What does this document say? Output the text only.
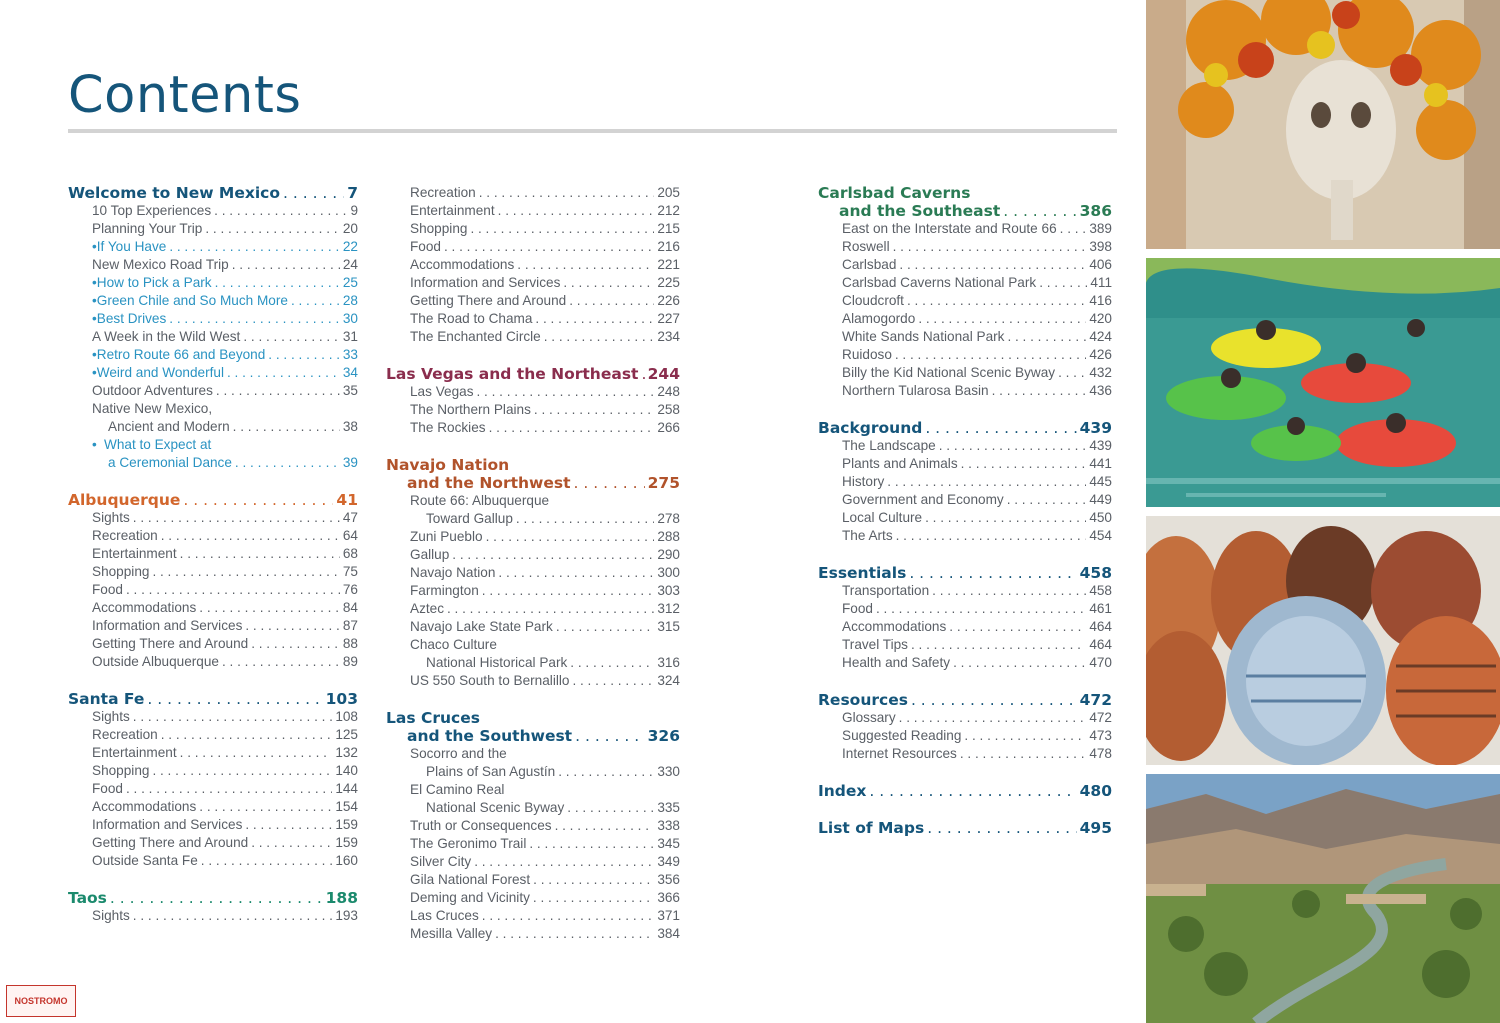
Contents
Welcome to New Mexico . . .	7
10 Top Experiences . . .	9
Planning Your Trip . . .	20
• If You Have . . .	22
New Mexico Road Trip . . .	24
• How to Pick a Park . . .	25
• Green Chile and So Much More . . .	28
• Best Drives . . .	30
A Week in the Wild West . . .	31
• Retro Route 66 and Beyond . . .	33
• Weird and Wonderful . . .	34
Outdoor Adventures . . .	35
Native New Mexico,
Ancient and Modern . . .	38
• What to Expect at
a Ceremonial Dance . . .	39
Albuquerque . . .	41
Sights . . .	47
Recreation . . .	64
Entertainment . . .	68
Shopping . . .	75
Food . . .	76
Accommodations . . .	84
Information and Services . . .	87
Getting There and Around . . .	88
Outside Albuquerque . . .	89
Santa Fe . . .	103
Sights . . .	108
Recreation . . .	125
Entertainment . . .	132
Shopping . . .	140
Food . . .	144
Accommodations . . .	154
Information and Services . . .	159
Getting There and Around . . .	159
Outside Santa Fe . . .	160
Taos . . .	188
Sights . . .	193
Recreation . . .	205
Entertainment . . .	212
Shopping . . .	215
Food . . .	216
Accommodations . . .	221
Information and Services . . .	225
Getting There and Around . . .	226
The Road to Chama . . .	227
The Enchanted Circle . . .	234
Las Vegas and the Northeast . . . 244
Las Vegas . . .	248
The Northern Plains . . .	258
The Rockies . . .	266
Navajo Nation
and the Northwest . . .	275
Route 66: Albuquerque
Toward Gallup . . .	278
Zuni Pueblo . . .	288
Gallup . . .	290
Navajo Nation . . .	300
Farmington . . .	303
Aztec . . .	312
Navajo Lake State Park . . .	315
Chaco Culture
National Historical Park . . .	316
US 550 South to Bernalillo . . .	324
Las Cruces
and the Southwest . . .	326
Socorro and the
Plains of San Agustín . . .	330
El Camino Real
National Scenic Byway . . .	335
Truth or Consequences . . .	338
The Geronimo Trail . . .	345
Silver City . . .	349
Gila National Forest . . .	356
Deming and Vicinity . . .	366
Las Cruces . . .	371
Mesilla Valley . . .	384
Carlsbad Caverns
and the Southeast . . .	386
East on the Interstate and Route 66 . . . 389
Roswell . . .	398
Carlsbad . . .	406
Carlsbad Caverns National Park . . .	411
Cloudcroft . . .	416
Alamogordo . . .	420
White Sands National Park . . .	424
Ruidoso . . .	426
Billy the Kid National Scenic Byway . . .	432
Northern Tularosa Basin . . .	436
Background . . .	439
The Landscape . . .	439
Plants and Animals . . .	441
History . . .	445
Government and Economy . . .	449
Local Culture . . .	450
The Arts . . .	454
Essentials . . .	458
Transportation . . .	458
Food . . .	461
Accommodations . . .	464
Travel Tips . . .	464
Health and Safety . . .	470
Resources . . .	472
Glossary . . .	472
Suggested Reading . . .	473
Internet Resources . . .	478
Index . . .	480
List of Maps . . .	495
NOSTROMO
